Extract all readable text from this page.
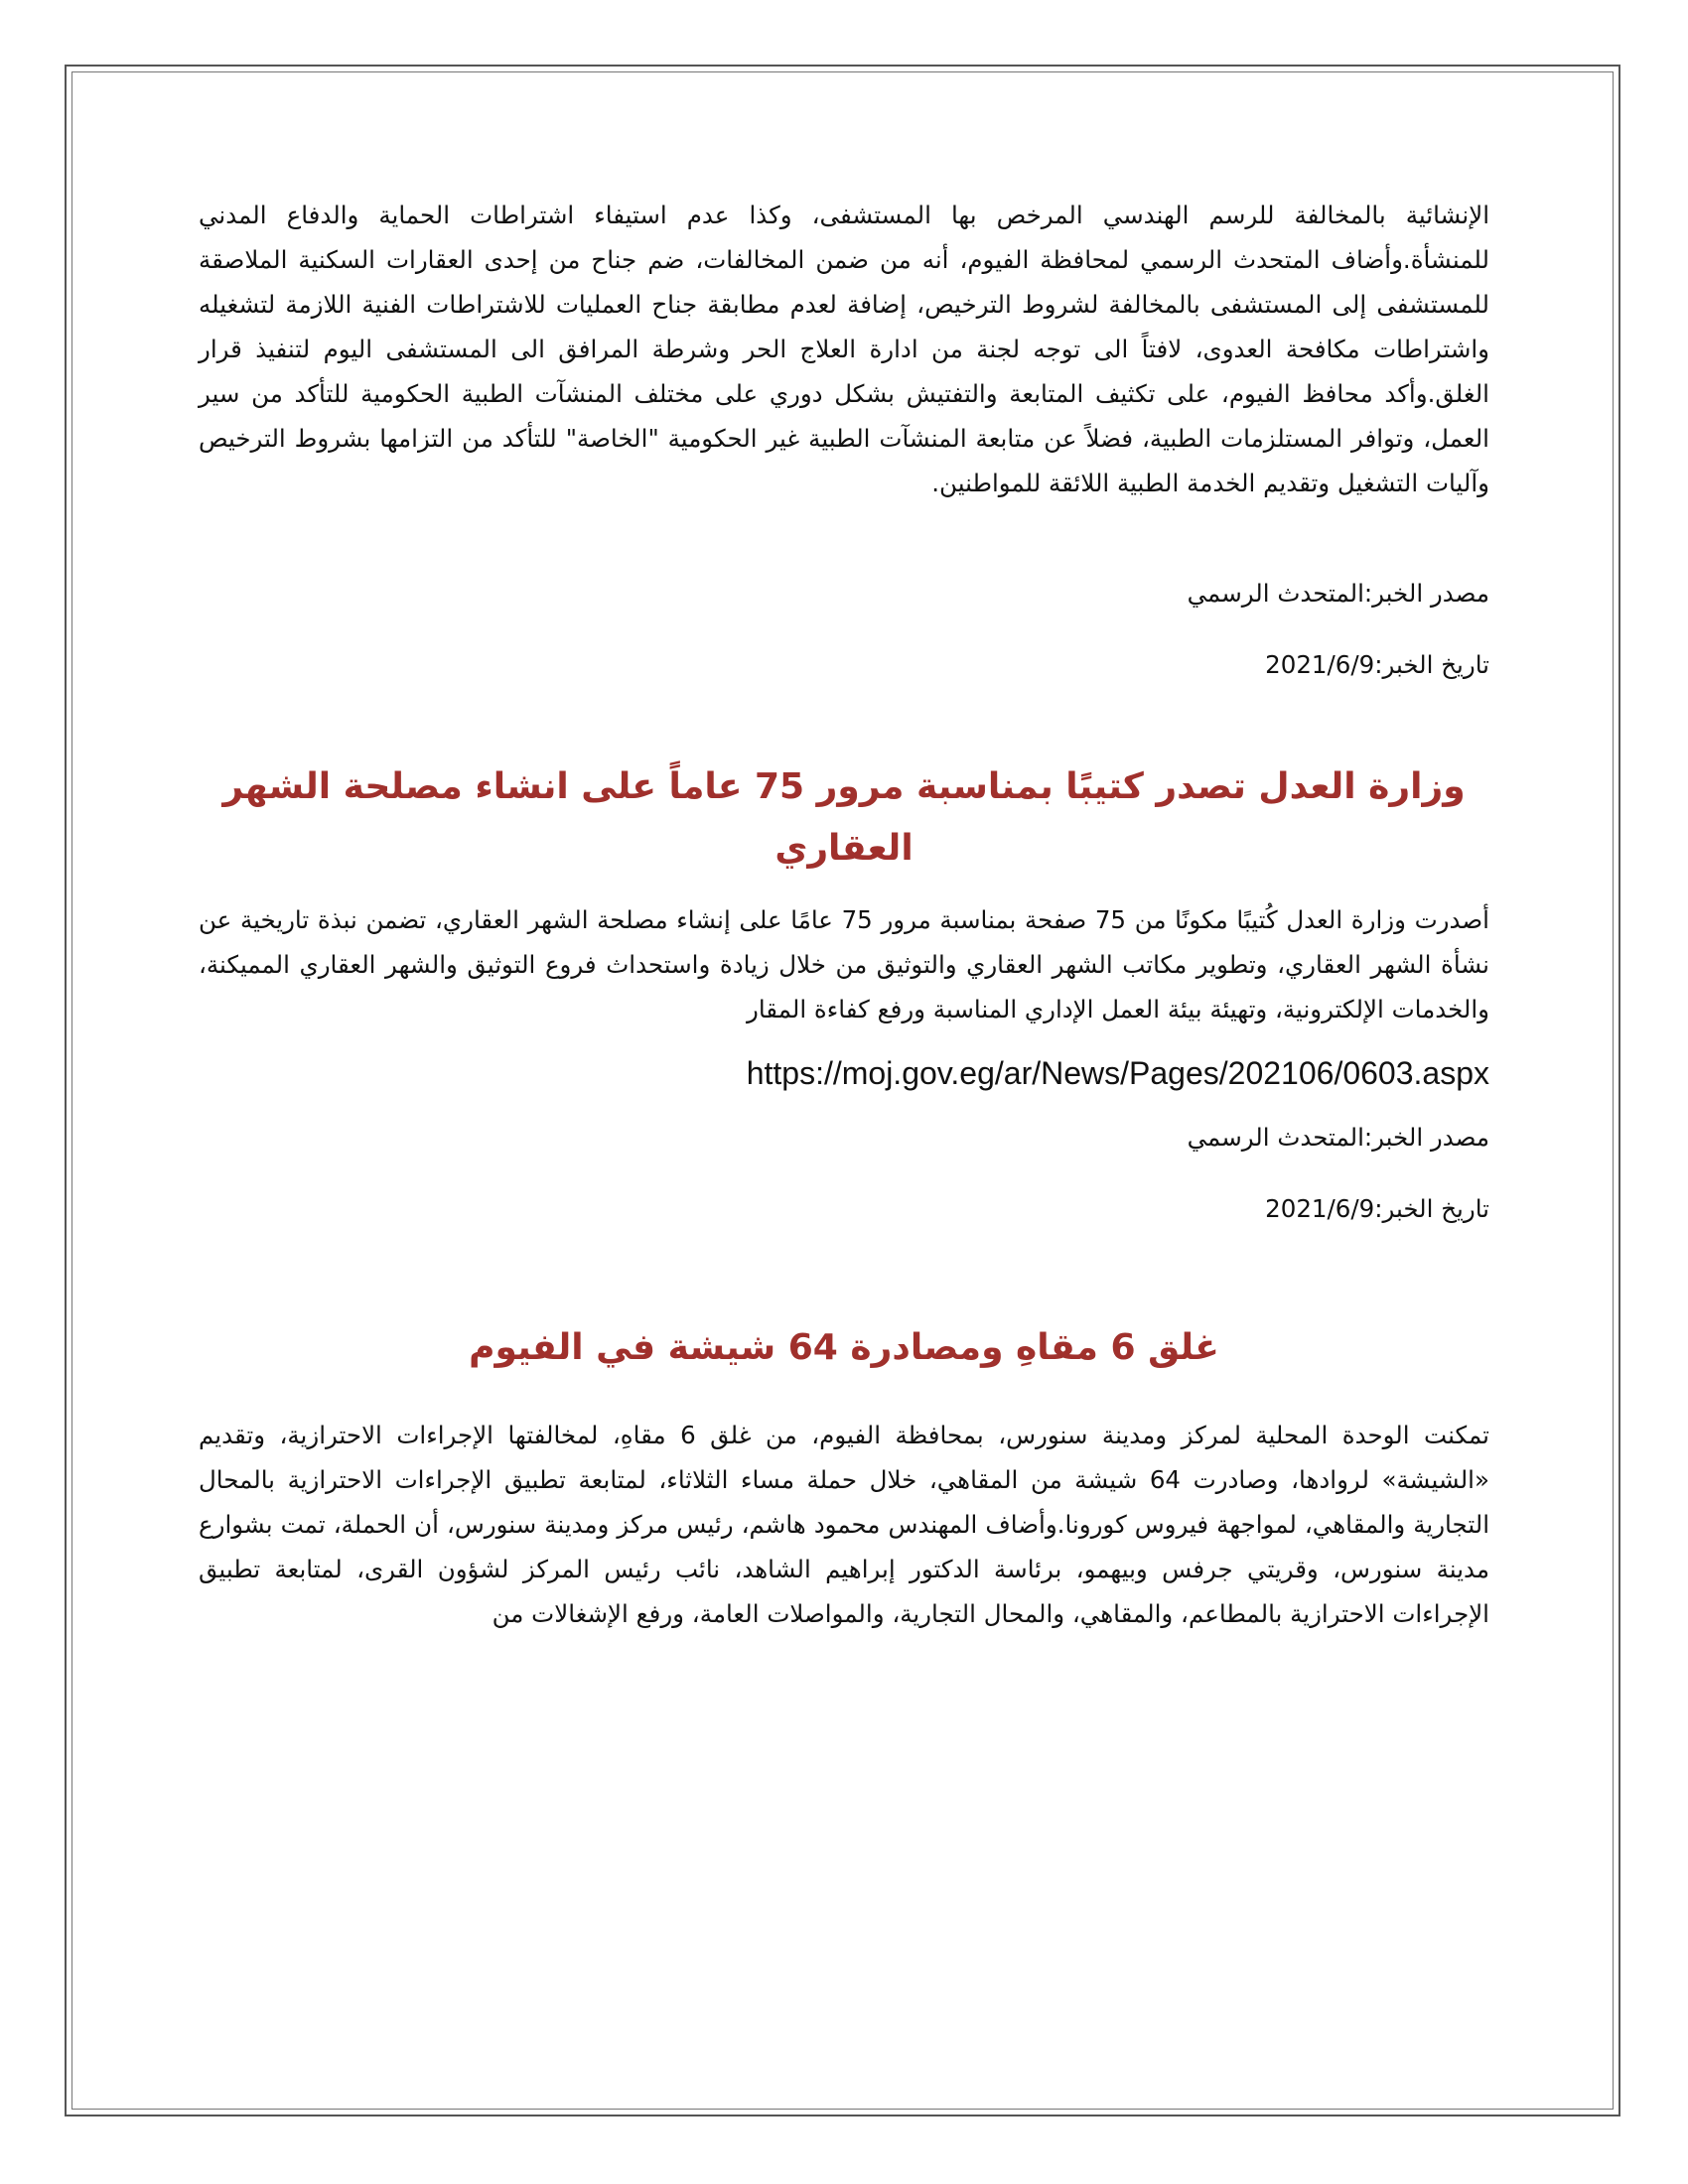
الإنشائية بالمخالفة للرسم الهندسي المرخص بها المستشفى، وكذا عدم استيفاء اشتراطات الحماية والدفاع المدني للمنشأة.وأضاف المتحدث الرسمي لمحافظة الفيوم، أنه من ضمن المخالفات، ضم جناح من إحدى العقارات السكنية الملاصقة للمستشفى إلى المستشفى بالمخالفة لشروط الترخيص، إضافة لعدم مطابقة جناح العمليات للاشتراطات الفنية اللازمة لتشغيله واشتراطات مكافحة العدوى، لافتاً الى توجه لجنة من ادارة العلاج الحر وشرطة المرافق الى المستشفى اليوم لتنفيذ قرار الغلق.وأكد محافظ الفيوم، على تكثيف المتابعة والتفتيش بشكل دوري على مختلف المنشآت الطبية الحكومية للتأكد من سير العمل، وتوافر المستلزمات الطبية، فضلاً عن متابعة المنشآت الطبية غير الحكومية "الخاصة" للتأكد من التزامها بشروط الترخيص وآليات التشغيل وتقديم الخدمة الطبية اللائقة للمواطنين.

مصدر الخبر:المتحدث الرسمي

تاريخ الخبر:2021/6/9

وزارة العدل تصدر كتيبًا بمناسبة مرور 75 عاماً على انشاء مصلحة الشهر العقاري

أصدرت وزارة العدل كُتيبًا مكونًا من 75 صفحة بمناسبة مرور 75 عامًا على إنشاء مصلحة الشهر العقاري، تضمن نبذة تاريخية عن نشأة الشهر العقاري، وتطوير مكاتب الشهر العقاري والتوثيق من خلال زيادة واستحداث فروع التوثيق والشهر العقاري المميكنة، والخدمات الإلكترونية، وتهيئة بيئة العمل الإداري المناسبة ورفع كفاءة المقار

https://moj.gov.eg/ar/News/Pages/202106/0603.aspx

مصدر الخبر:المتحدث الرسمي

تاريخ الخبر:2021/6/9

غلق 6 مقاهِ ومصادرة 64 شيشة في الفيوم

تمكنت الوحدة المحلية لمركز ومدينة سنورس، بمحافظة الفيوم، من غلق 6 مقاهِ، لمخالفتها الإجراءات الاحترازية، وتقديم «الشيشة» لروادها، وصادرت 64 شيشة من المقاهي، خلال حملة مساء الثلاثاء، لمتابعة تطبيق الإجراءات الاحترازية بالمحال التجارية والمقاهي، لمواجهة فيروس كورونا.وأضاف المهندس محمود هاشم، رئيس مركز ومدينة سنورس، أن الحملة، تمت بشوارع مدينة سنورس، وقريتي جرفس وبيهمو، برئاسة الدكتور إبراهيم الشاهد، نائب رئيس المركز لشؤون القرى، لمتابعة تطبيق الإجراءات الاحترازية بالمطاعم، والمقاهي، والمحال التجارية، والمواصلات العامة، ورفع الإشغالات من
